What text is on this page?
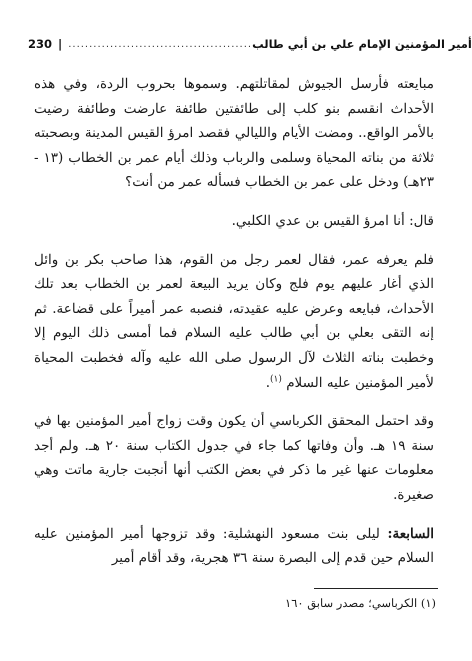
230 | ............................................ أمير المؤمنين الإمام علي بن أبي طالب

مبايعته فأرسل الجيوش لمقاتلتهم. وسموها بحروب الردة، وفي هذه الأحداث انقسم بنو كلب إلى طائفتين طائفة عارضت وطائفة رضيت بالأمر الواقع.. ومضت الأيام والليالي فقصد امرؤ القيس المدينة وبصحبته ثلاثة من بناته المحياة وسلمى والرباب وذلك أيام عمر بن الخطاب (١٣ - ٢٣هـ) ودخل على عمر بن الخطاب فسأله عمر من أنت؟

قال: أنا امرؤ القيس بن عدي الكلبي.

فلم يعرفه عمر، فقال لعمر رجل من القوم، هذا صاحب بكر بن وائل الذي أغار عليهم يوم فلج وكان يريد البيعة لعمر بن الخطاب بعد تلك الأحداث، فبايعه وعرض عليه عقيدته، فنصبه عمر أميراً على قضاعة. ثم إنه التقى بعلي بن أبي طالب عليه السلام فما أمسى ذلك اليوم إلا وخطبت بناته الثلاث لآل الرسول صلى الله عليه وآله فخطبت المحياة لأمير المؤمنين عليه السلام $^{(١)}$.

وقد احتمل المحقق الكرباسي أن يكون وقت زواج أمير المؤمنين بها في سنة ١٩ هـ. وأن وفاتها كما جاء في جدول الكتاب سنة ٢٠ هـ. ولم أجد معلومات عنها غير ما ذكر في بعض الكتب أنها أنجبت جارية ماتت وهي صغيرة.

السابعة: ليلى بنت مسعود النهشلية: وقد تزوجها أمير المؤمنين عليه السلام حين قدم إلى البصرة سنة ٣٦ هجرية، وقد أقام أمير

(١) الكرباسي؛ مصدر سابق ١٦٠
